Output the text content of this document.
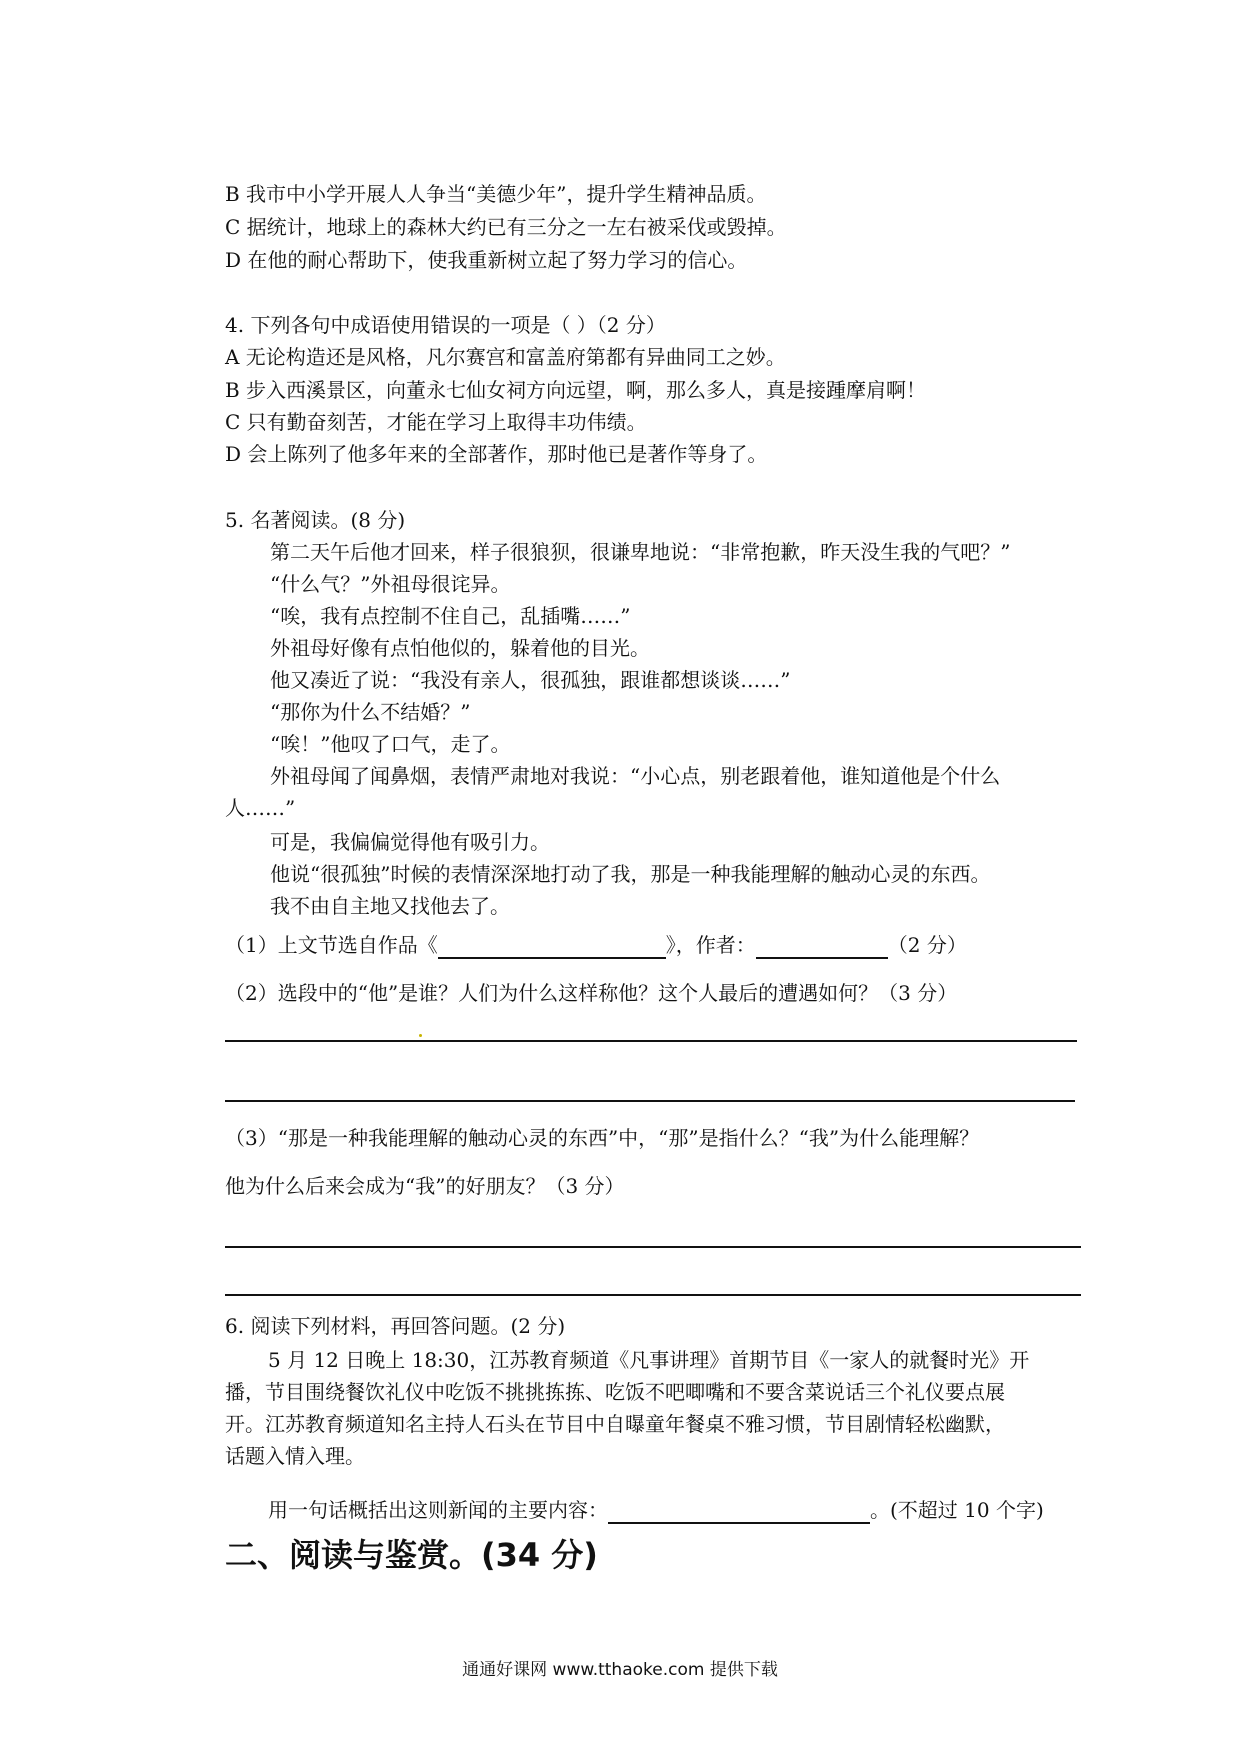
B 我市中小学开展人人争当“美德少年”，提升学生精神品质。

C 据统计，地球上的森林大约已有三分之一左右被采伐或毁掉。

D 在他的耐心帮助下，使我重新树立起了努力学习的信心。

4. 下列各句中成语使用错误的一项是（ ）（2 分）

A 无论构造还是风格，凡尔赛宫和富盖府第都有异曲同工之妙。

B 步入西溪景区，向董永七仙女祠方向远望，啊，那么多人，真是接踵摩肩啊！

C 只有勤奋刻苦，才能在学习上取得丰功伟绩。

D 会上陈列了他多年来的全部著作，那时他已是著作等身了。

5. 名著阅读。(8 分)

第二天午后他才回来，样子很狼狈，很谦卑地说：“非常抱歉，昨天没生我的气吧？”

“什么气？”外祖母很诧异。

“唉，我有点控制不住自己，乱插嘴……”

外祖母好像有点怕他似的，躲着他的目光。

他又凑近了说：“我没有亲人，很孤独，跟谁都想谈谈……”

“那你为什么不结婚？”

“唉！”他叹了口气，走了。

外祖母闻了闻鼻烟，表情严肃地对我说：“小心点，别老跟着他，谁知道他是个什么

人……”

可是，我偏偏觉得他有吸引力。

他说“很孤独”时候的表情深深地打动了我，那是一种我能理解的触动心灵的东西。

我不由自主地又找他去了。

（1）上文节选自作品《	》，作者：	（2 分）

（2）选段中的“他”是谁？人们为什么这样称他？这个人最后的遭遇如何？（3 分）

（3）“那是一种我能理解的触动心灵的东西”中，“那”是指什么？“我”为什么能理解？

他为什么后来会成为“我”的好朋友？（3 分）

6. 阅读下列材料，再回答问题。(2 分)

5 月 12 日晚上 18:30，江苏教育频道《凡事讲理》首期节目《一家人的就餐时光》开

播，节目围绕餐饮礼仪中吃饭不挑挑拣拣、吃饭不吧唧嘴和不要含菜说话三个礼仪要点展

开。江苏教育频道知名主持人石头在节目中自曝童年餐桌不雅习惯，节目剧情轻松幽默，

话题入情入理。

用一句话概括出这则新闻的主要内容：	。(不超过 10 个字)

二、阅读与鉴赏。(34 分)
通通好课网 www.tthaoke.com 提供下载
